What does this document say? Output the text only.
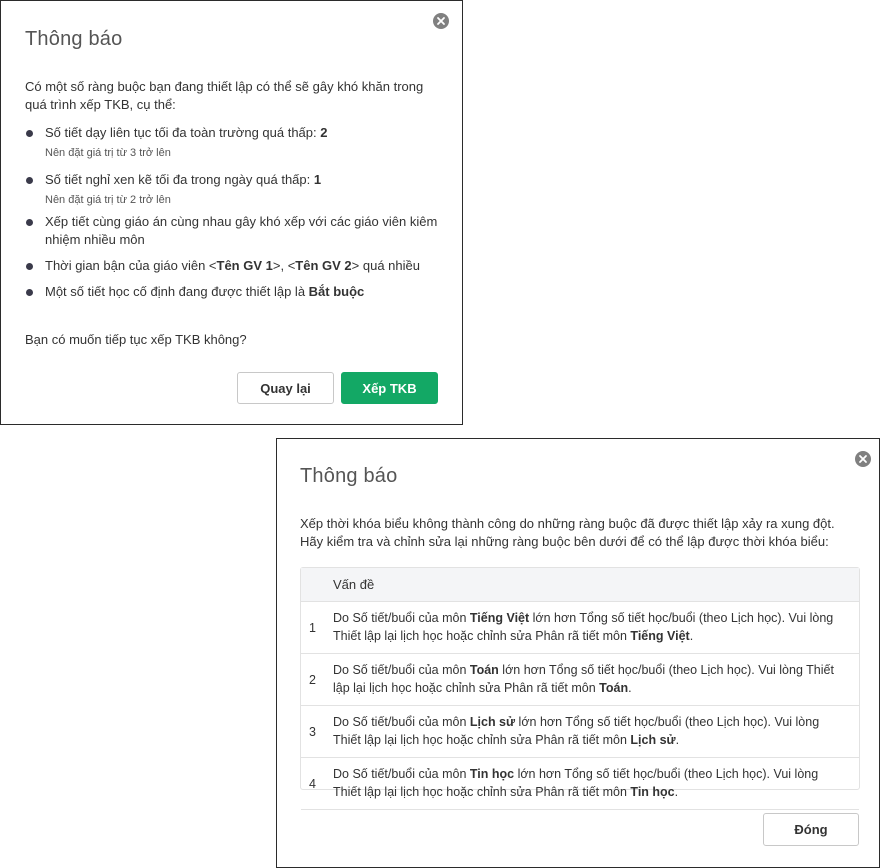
Thông báo
Có một số ràng buộc bạn đang thiết lập có thể sẽ gây khó khăn trong quá trình xếp TKB, cụ thể:
Số tiết dạy liên tục tối đa toàn trường quá thấp: 2
Nên đặt giá trị từ 3 trở lên
Số tiết nghỉ xen kẽ tối đa trong ngày quá thấp: 1
Nên đặt giá trị từ 2 trở lên
Xếp tiết cùng giáo án cùng nhau gây khó xếp với các giáo viên kiêm nhiệm nhiều môn
Thời gian bận của giáo viên <Tên GV 1>, <Tên GV 2> quá nhiều
Một số tiết học cố định đang được thiết lập là Bắt buộc
Bạn có muốn tiếp tục xếp TKB không?
Quay lại	Xếp TKB
Thông báo
Xếp thời khóa biểu không thành công do những ràng buộc đã được thiết lập xảy ra xung đột. Hãy kiểm tra và chỉnh sửa lại những ràng buộc bên dưới để có thể lập được thời khóa biểu:
Vấn đề
1
Do Số tiết/buổi của môn Tiếng Việt lớn hơn Tổng số tiết học/buổi (theo Lịch học). Vui lòng Thiết lập lại lịch học hoặc chỉnh sửa Phân rã tiết môn Tiếng Việt.
2
Do Số tiết/buổi của môn Toán lớn hơn Tổng số tiết học/buổi (theo Lịch học). Vui lòng Thiết lập lại lịch học hoặc chỉnh sửa Phân rã tiết môn Toán.
3
Do Số tiết/buổi của môn Lịch sử lớn hơn Tổng số tiết học/buổi (theo Lịch học). Vui lòng Thiết lập lại lịch học hoặc chỉnh sửa Phân rã tiết môn Lịch sử.
4
Do Số tiết/buổi của môn Tin học lớn hơn Tổng số tiết học/buổi (theo Lịch học). Vui lòng Thiết lập lại lịch học hoặc chỉnh sửa Phân rã tiết môn Tin học.
Đóng
